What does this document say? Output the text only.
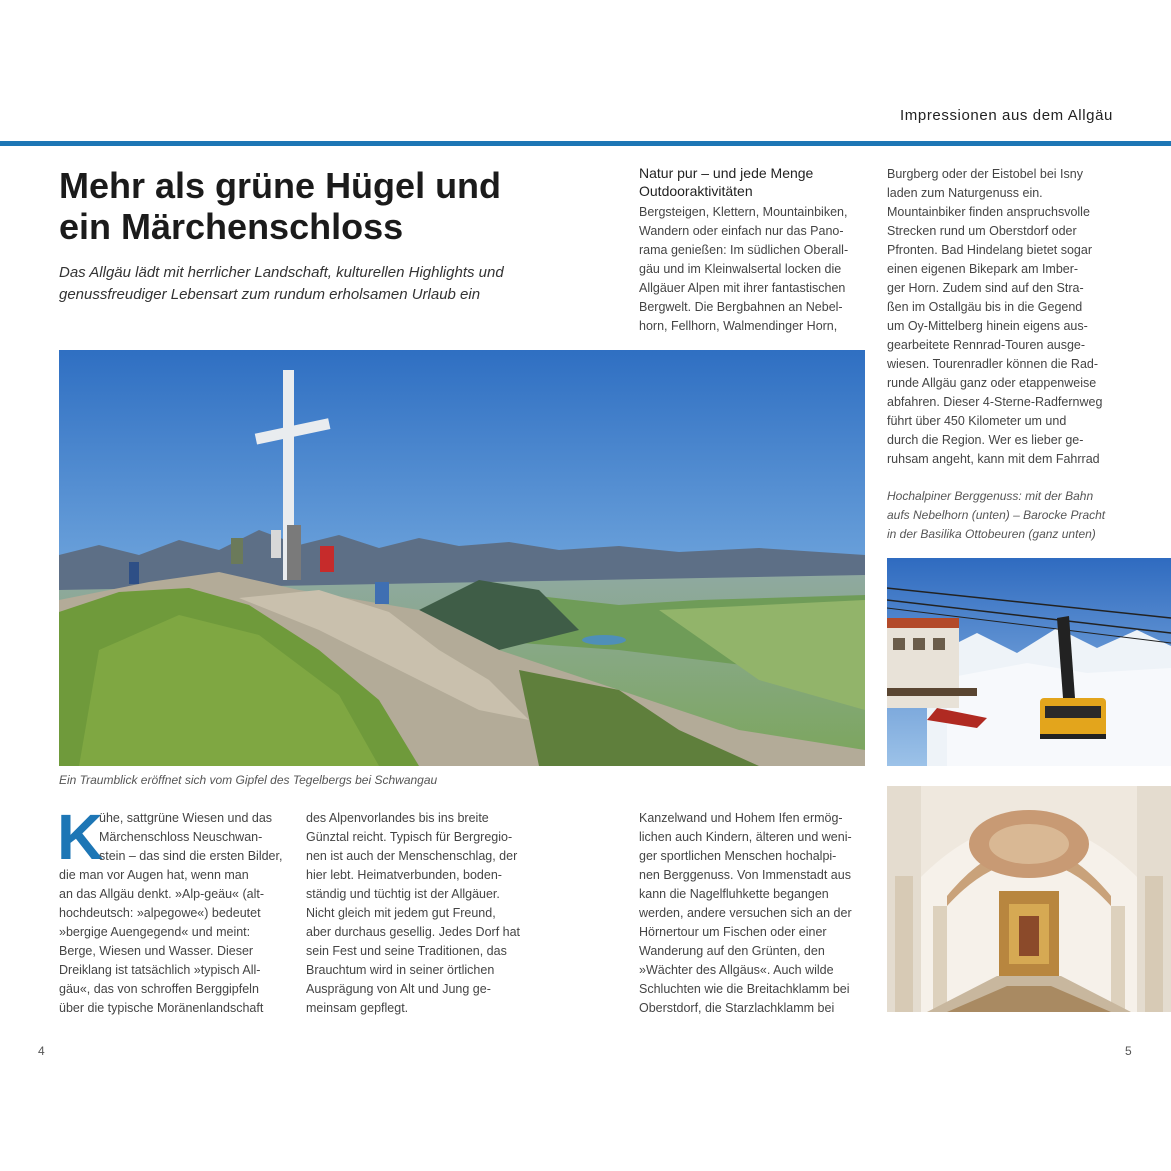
Impressionen aus dem Allgäu
Mehr als grüne Hügel und
ein Märchenschloss
Das Allgäu lädt mit herrlicher Landschaft, kulturellen Highlights und
genussfreudiger Lebensart zum rundum erholsamen Urlaub ein
Natur pur – und jede Menge
Outdooraktivitäten
Bergsteigen, Klettern, Mountainbiken,
Wandern oder einfach nur das Pano-
rama genießen: Im südlichen Oberall-
gäu und im Kleinwalsertal locken die
Allgäuer Alpen mit ihrer fantastischen
Bergwelt. Die Bergbahnen an Nebel-
horn, Fellhorn, Walmendinger Horn,
Burgberg oder der Eistobel bei Isny
laden zum Naturgenuss ein.
Mountainbiker finden anspruchsvolle
Strecken rund um Oberstdorf oder
Pfronten. Bad Hindelang bietet sogar
einen eigenen Bikepark am Imber-
ger Horn. Zudem sind auf den Stra-
ßen im Ostallgäu bis in die Gegend
um Oy-Mittelberg hinein eigens aus-
gearbeitete Rennrad-Touren ausge-
wiesen. Tourenradler können die Rad-
runde Allgäu ganz oder etappenweise
abfahren. Dieser 4-Sterne-Radfernweg
führt über 450 Kilometer um und
durch die Region. Wer es lieber ge-
ruhsam angeht, kann mit dem Fahrrad
Hochalpiner Berggenuss: mit der Bahn
aufs Nebelhorn (unten) – Barocke Pracht
in der Basilika Ottobeuren (ganz unten)
Ein Traumblick eröffnet sich vom Gipfel des Tegelbergs bei Schwangau
K
ühe, sattgrüne Wiesen und das
Märchenschloss Neuschwan-
stein – das sind die ersten Bilder,
die man vor Augen hat, wenn man
an das Allgäu denkt. »Alp-geäu« (alt-
hochdeutsch: »alpegowe«) bedeutet
»bergige Auengegend« und meint:
Berge, Wiesen und Wasser. Dieser
Dreiklang ist tatsächlich »typisch All-
gäu«, das von schroffen Berggipfeln
über die typische Moränenlandschaft
des Alpenvorlandes bis ins breite
Günztal reicht. Typisch für Bergregio-
nen ist auch der Menschenschlag, der
hier lebt. Heimatverbunden, boden-
ständig und tüchtig ist der Allgäuer.
Nicht gleich mit jedem gut Freund,
aber durchaus gesellig. Jedes Dorf hat
sein Fest und seine Traditionen, das
Brauchtum wird in seiner örtlichen
Ausprägung von Alt und Jung ge-
meinsam gepflegt.
Kanzelwand und Hohem Ifen ermög-
lichen auch Kindern, älteren und weni-
ger sportlichen Menschen hochalpi-
nen Berggenuss. Von Immenstadt aus
kann die Nagelfluhkette begangen
werden, andere versuchen sich an der
Hörnertour um Fischen oder einer
Wanderung auf den Grünten, den
»Wächter des Allgäus«. Auch wilde
Schluchten wie die Breitachklamm bei
Oberstdorf, die Starzlachklamm bei
4	5
